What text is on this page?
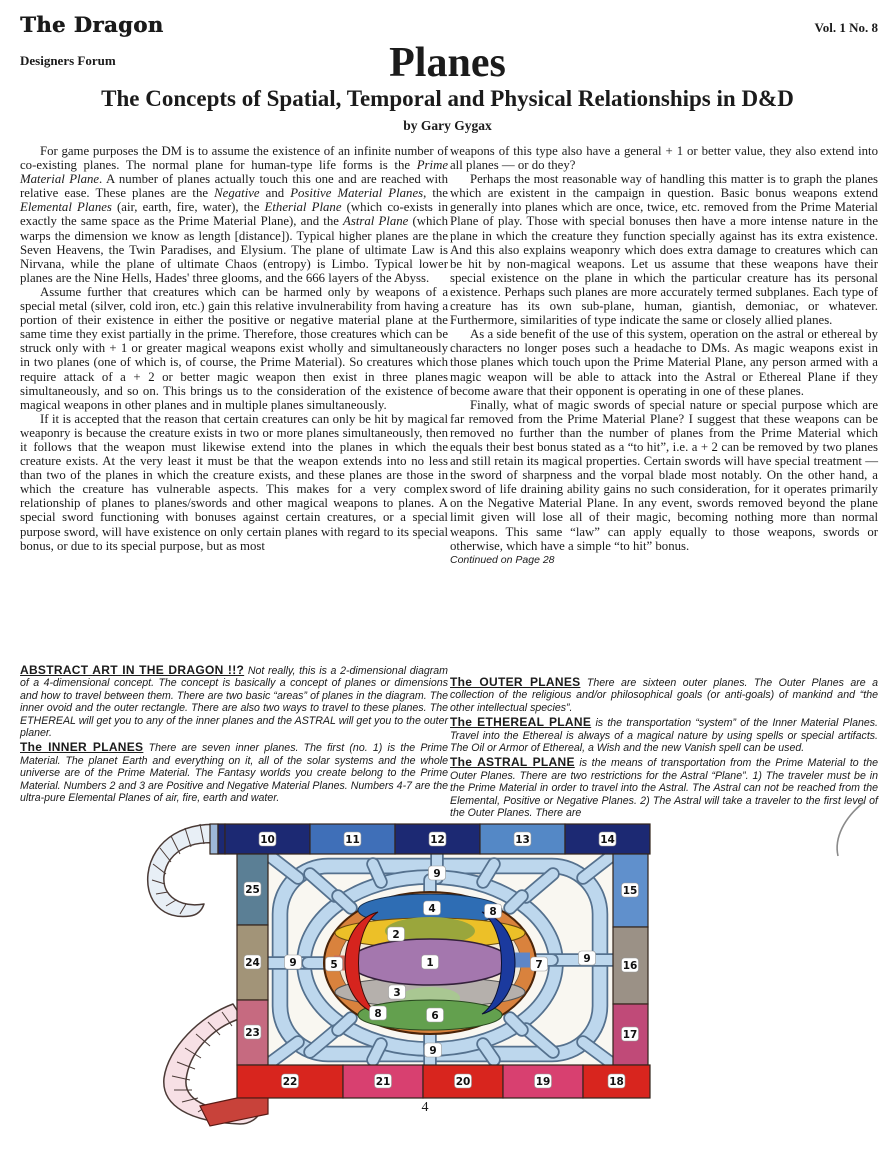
The Dragon	Vol. 1 No. 8
Designers Forum	Planes
The Concepts of Spatial, Temporal and Physical Relationships in D&D
by Gary Gygax

For game purposes the DM is to assume the existence of an infinite number of co-existing planes. The normal plane for human-type life forms is the Prime Material Plane. A number of planes actually touch this one and are reached with relative ease. These planes are the Negative and Positive Material Planes, the Elemental Planes (air, earth, fire, water), the Etherial Plane (which co-exists in exactly the same space as the Prime Material Plane), and the Astral Plane (which warps the dimension we know as length [distance]). Typical higher planes are the Seven Heavens, the Twin Paradises, and Elysium. The plane of ultimate Law is Nirvana, while the plane of ultimate Chaos (entropy) is Limbo. Typical lower planes are the Nine Hells, Hades' three glooms, and the 666 layers of the Abyss.

Assume further that creatures which can be harmed only by weapons of a special metal (silver, cold iron, etc.) gain this relative invulnerability from having a portion of their existence in either the positive or negative material plane at the same time they exist partially in the prime. Therefore, those creatures which can be struck only with + 1 or greater magical weapons exist wholly and simultaneously in two planes (one of which is, of course, the Prime Material). So creatures which require attack of a + 2 or better magic weapon then exist in three planes simultaneously, and so on. This brings us to the consideration of the existence of magical weapons in other planes and in multiple planes simultaneously.

If it is accepted that the reason that certain creatures can only be hit by magical weaponry is because the creature exists in two or more planes simultaneously, then it follows that the weapon must likewise extend into the planes in which the creature exists. At the very least it must be that the weapon extends into no less than two of the planes in which the creature exists, and these planes are those in which the creature has vulnerable aspects. This makes for a very complex relationship of planes to planes/swords and other magical weapons to planes. A special sword functioning with bonuses against certain creatures, or a special purpose sword, will have existence on only certain planes with regard to its special bonus, or due to its special purpose, but as most

weapons of this type also have a general + 1 or better value, they also extend into all planes — or do they?

Perhaps the most reasonable way of handling this matter is to graph the planes which are existent in the campaign in question. Basic bonus weapons extend generally into planes which are once, twice, etc. removed from the Prime Material Plane of play. Those with special bonuses then have a more intense nature in the plane in which the creature they function specially against has its extra existence. And this also explains weaponry which does extra damage to creatures which can be hit by non-magical weapons. Let us assume that these weapons have their special existence on the plane in which the particular creature has its personal existence. Perhaps such planes are more accurately termed subplanes. Each type of creature has its own sub-plane, human, giantish, demoniac, or whatever. Furthermore, similarities of type indicate the same or closely allied planes.

As a side benefit of the use of this system, operation on the astral or ethereal by characters no longer poses such a headache to DMs. As magic weapons exist in those planes which touch upon the Prime Material Plane, any person armed with a magic weapon will be able to attack into the Astral or Ethereal Plane if they become aware that their opponent is operating in one of these planes.

Finally, what of magic swords of special nature or special purpose which are far removed from the Prime Material Plane? I suggest that these weapons can be removed no further than the number of planes from the Prime Material which equals their best bonus stated as a “to hit”, i.e. a + 2 can be removed by two planes and still retain its magical properties. Certain swords will have special treatment — the sword of sharpness and the vorpal blade most notably. On the other hand, a sword of life draining ability gains no such consideration, for it operates primarily on the Negative Material Plane. In any event, swords removed beyond the plane limit given will lose all of their magic, becoming nothing more than normal weapons. This same “law” can apply equally to those weapons, swords or otherwise, which have a simple “to hit” bonus.

Continued on Page 28

ABSTRACT ART IN THE DRAGON !!? Not really, this is a 2-dimensional diagram of a 4-dimensional concept. The concept is basically a concept of planes or dimensions and how to travel between them. There are two basic “areas” of planes in the diagram. The inner ovoid and the outer rectangle. There are also two ways to travel to these planes. The ETHEREAL will get you to any of the inner planes and the ASTRAL will get you to the outer planer.

The INNER PLANES There are seven inner planes. The first (no. 1) is the Prime Material. The planet Earth and everything on it, all of the solar systems and the whole universe are of the Prime Material. The Fantasy worlds you create belong to the Prime Material. Numbers 2 and 3 are Positive and Negative Material Planes. Numbers 4-7 are the ultra-pure Elemental Planes of air, fire, earth and water.

The OUTER PLANES There are sixteen outer planes. The Outer Planes are a collection of the religious and/or philosophical goals (or anti-goals) of mankind and “the other intellectual species”.

The ETHEREAL PLANE is the transportation “system” of the Inner Material Planes. Travel into the Ethereal is always of a magical nature by using spells or special artifacts. The Oil or Armor of Ethereal, a Wish and the new Vanish spell can be used.

The ASTRAL PLANE is the means of transportation from the Prime Material to the Outer Planes. There are two restrictions for the Astral “Plane”. 1) The traveler must be in the Prime Material in order to travel into the Astral. The Astral can not be reached from the Elemental, Positive or Negative Planes. 2) The Astral will take a traveler to the first level of the Outer Planes. There are

10	11	12	13	14
25
24
23
15
16
17
22	21	20	19	18
9
9	9
9
8
8
4
2
1
3
6
5	7
4
